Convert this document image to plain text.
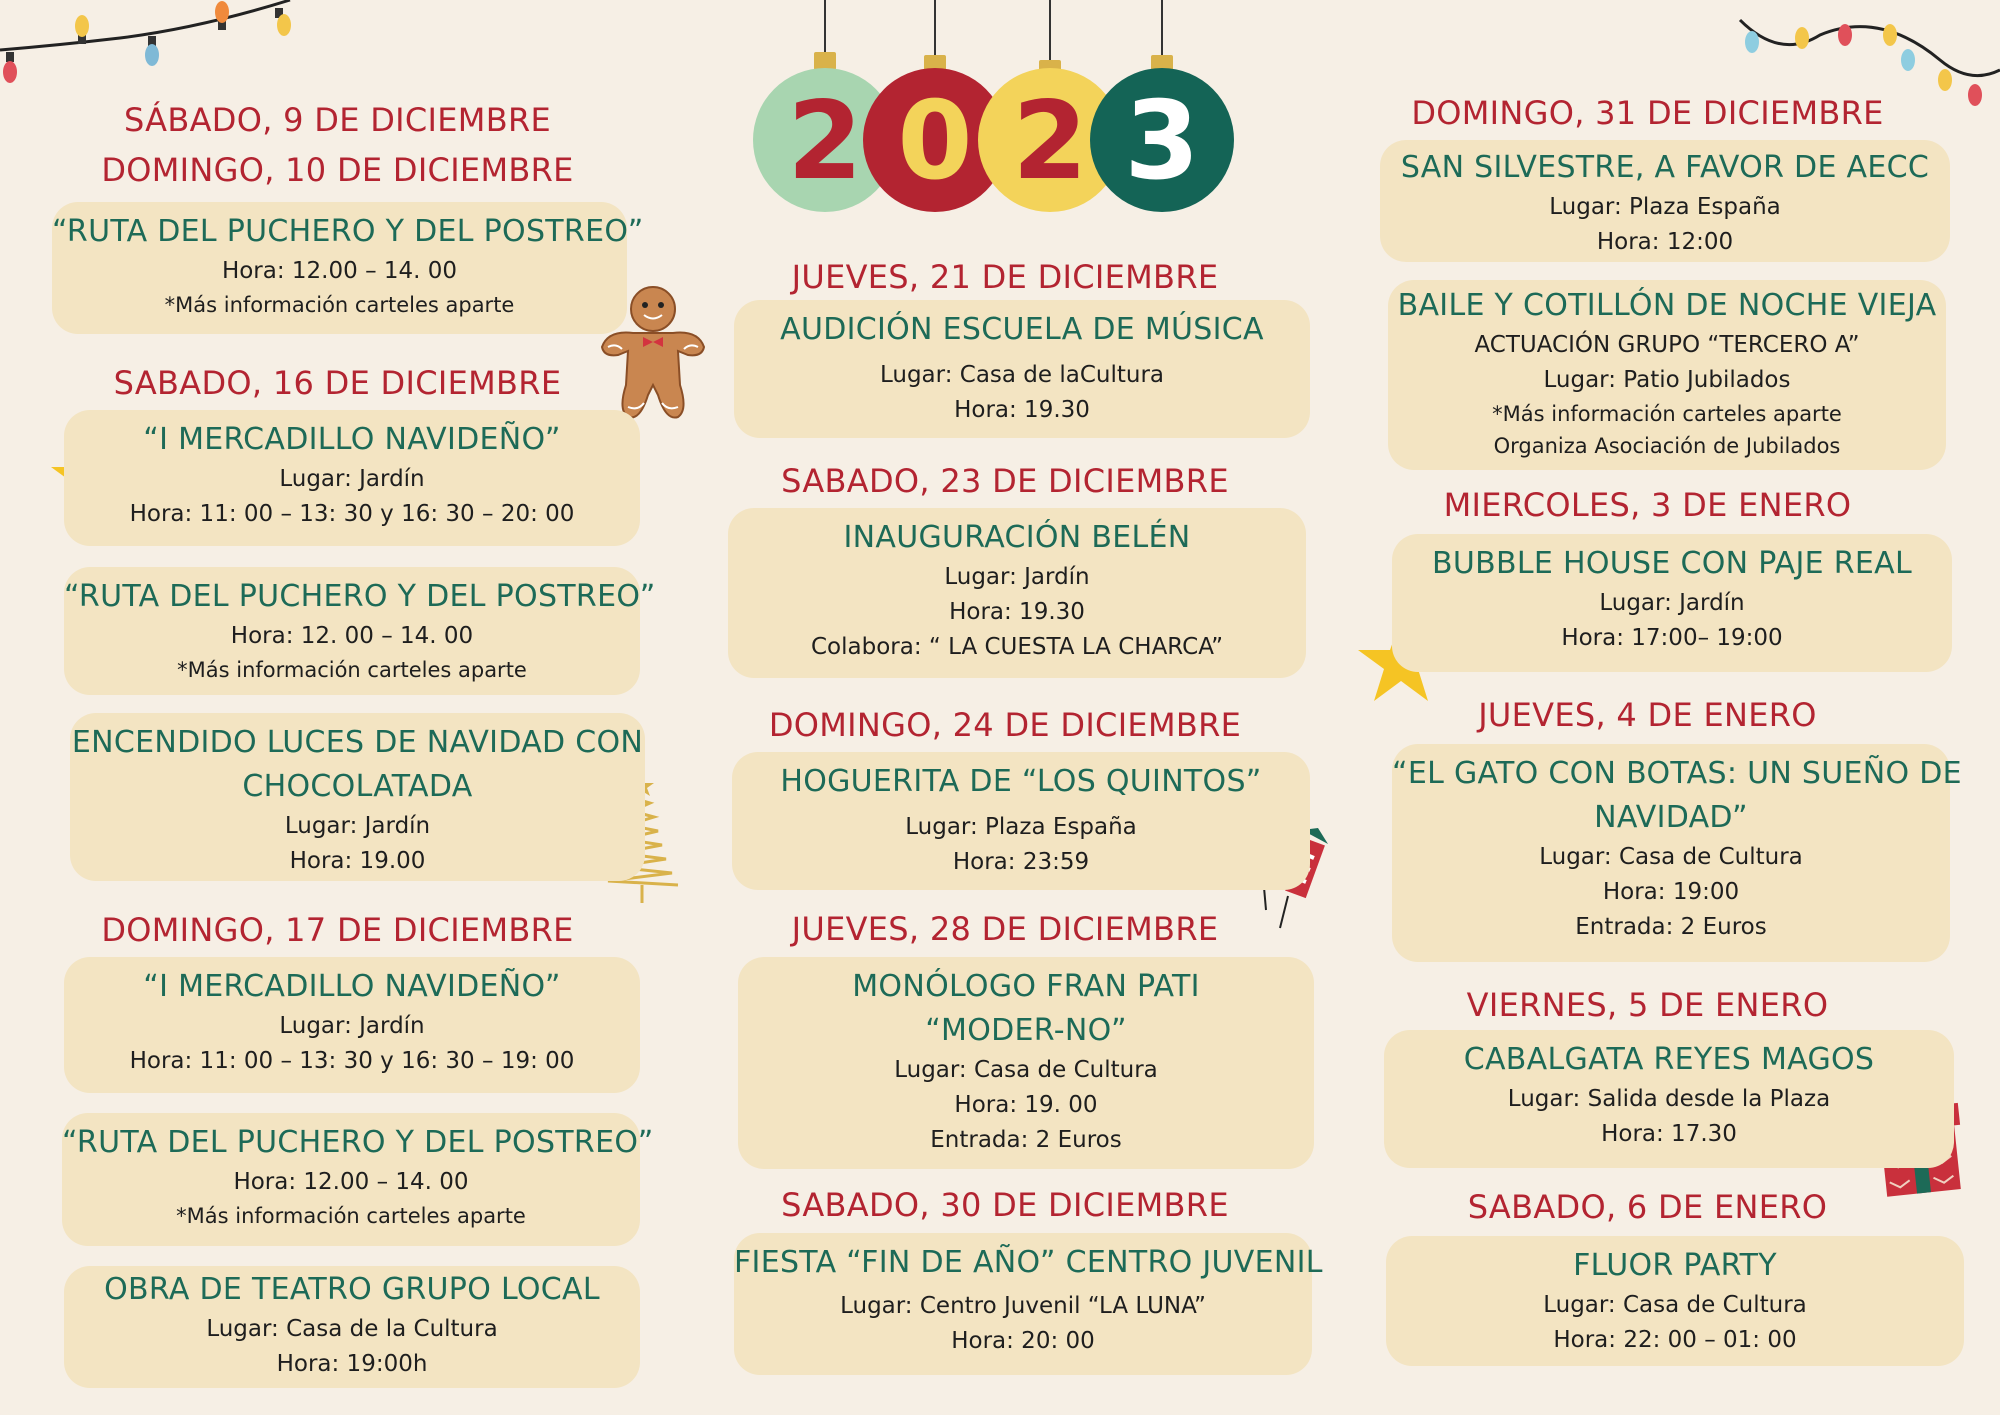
2 0 2 3
SÁBADO, 9 DE DICIEMBRE
DOMINGO, 10 DE DICIEMBRE
“RUTA DEL PUCHERO Y DEL POSTREO”
Hora: 12.00 – 14. 00
*Más información carteles aparte
SABADO, 16 DE DICIEMBRE
“I MERCADILLO NAVIDEÑO”
Lugar: Jardín
Hora: 11: 00 – 13: 30 y 16: 30 – 20: 00
“RUTA DEL PUCHERO Y DEL POSTREO”
Hora: 12. 00 – 14. 00
*Más información carteles aparte
ENCENDIDO LUCES DE NAVIDAD CON
CHOCOLATADA
Lugar: Jardín
Hora: 19.00
DOMINGO, 17 DE DICIEMBRE
“I MERCADILLO NAVIDEÑO”
Lugar: Jardín
Hora: 11: 00 – 13: 30 y 16: 30 – 19: 00
“RUTA DEL PUCHERO Y DEL POSTREO”
Hora: 12.00 – 14. 00
*Más información carteles aparte
OBRA DE TEATRO GRUPO LOCAL
Lugar: Casa de la Cultura
Hora: 19:00h
JUEVES, 21 DE DICIEMBRE
AUDICIÓN ESCUELA DE MÚSICA
Lugar: Casa de laCultura
Hora: 19.30
SABADO, 23 DE DICIEMBRE
INAUGURACIÓN BELÉN
Lugar: Jardín
Hora: 19.30
Colabora: “ LA CUESTA LA CHARCA”
DOMINGO, 24 DE DICIEMBRE
HOGUERITA DE “LOS QUINTOS”
Lugar: Plaza España
Hora: 23:59
JUEVES, 28 DE DICIEMBRE
MONÓLOGO FRAN PATI
“MODER-NO”
Lugar: Casa de Cultura
Hora: 19. 00
Entrada: 2 Euros
SABADO, 30 DE DICIEMBRE
FIESTA “FIN DE AÑO” CENTRO JUVENIL
Lugar: Centro Juvenil “LA LUNA”
Hora: 20: 00
DOMINGO, 31 DE DICIEMBRE
SAN SILVESTRE, A FAVOR DE AECC
Lugar: Plaza España
Hora: 12:00
BAILE Y COTILLÓN DE NOCHE VIEJA
ACTUACIÓN GRUPO “TERCERO A”
Lugar: Patio Jubilados
*Más información carteles aparte
Organiza Asociación de Jubilados
MIERCOLES, 3 DE ENERO
BUBBLE HOUSE CON PAJE REAL
Lugar: Jardín
Hora: 17:00– 19:00
JUEVES, 4 DE ENERO
“EL GATO CON BOTAS: UN SUEÑO DE
NAVIDAD”
Lugar: Casa de Cultura
Hora: 19:00
Entrada: 2 Euros
VIERNES, 5 DE ENERO
CABALGATA REYES MAGOS
Lugar: Salida desde la Plaza
Hora: 17.30
SABADO, 6 DE ENERO
FLUOR PARTY
Lugar: Casa de Cultura
Hora: 22: 00 – 01: 00
